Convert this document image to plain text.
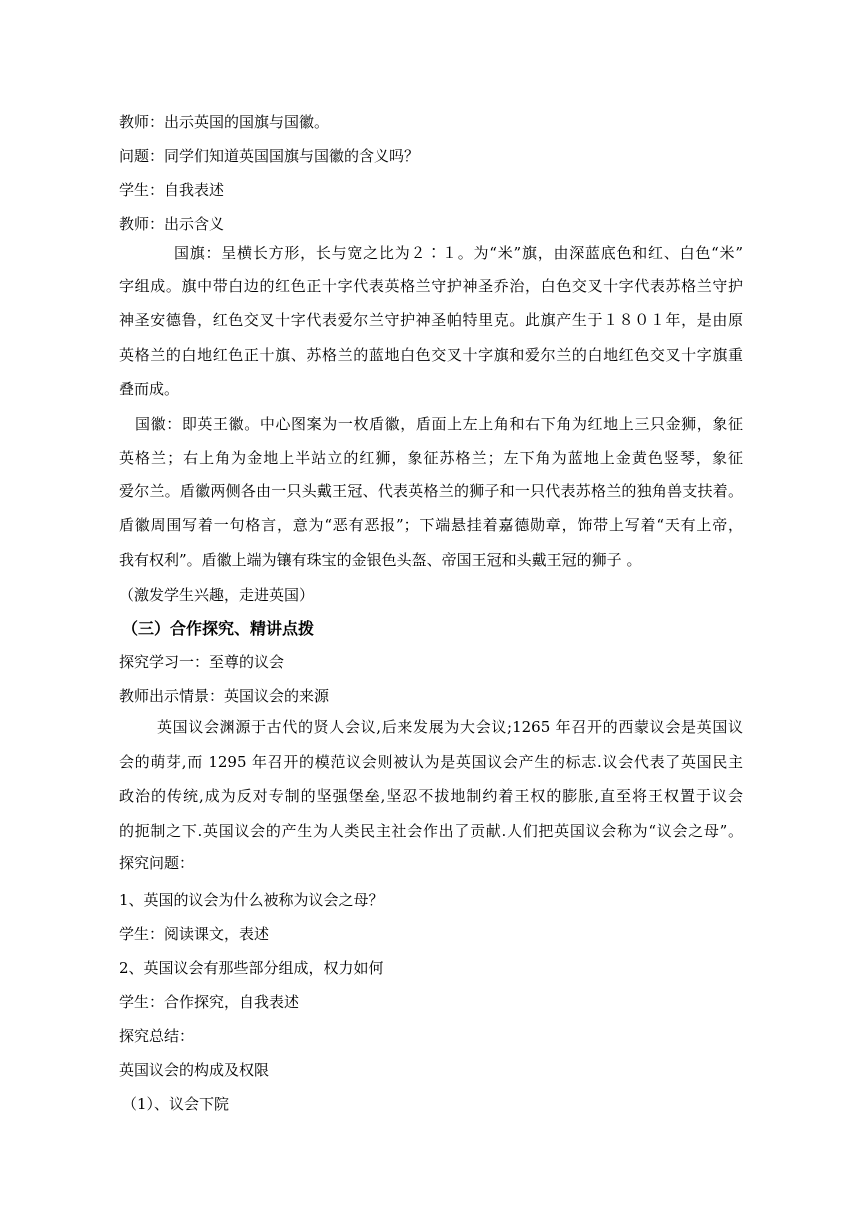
教师：出示英国的国旗与国徽。
问题：同学们知道英国国旗与国徽的含义吗？
学生：自我表述
教师：出示含义
国旗：呈横长方形，长与宽之比为２∶１。为“米”旗，由深蓝底色和红、白色“米”
字组成。旗中带白边的红色正十字代表英格兰守护神圣乔治，白色交叉十字代表苏格兰守护
神圣安德鲁，红色交叉十字代表爱尔兰守护神圣帕特里克。此旗产生于１８０１年，是由原
英格兰的白地红色正十旗、苏格兰的蓝地白色交叉十字旗和爱尔兰的白地红色交叉十字旗重
叠而成。
国徽：即英王徽。中心图案为一枚盾徽，盾面上左上角和右下角为红地上三只金狮，象征
英格兰；右上角为金地上半站立的红狮，象征苏格兰；左下角为蓝地上金黄色竖琴，象征
爱尔兰。盾徽两侧各由一只头戴王冠、代表英格兰的狮子和一只代表苏格兰的独角兽支扶着。
盾徽周围写着一句格言，意为“恶有恶报”；下端悬挂着嘉德勋章，饰带上写着“天有上帝，
我有权利”。盾徽上端为镶有珠宝的金银色头盔、帝国王冠和头戴王冠的狮子 。
（激发学生兴趣，走进英国）
（三）合作探究、精讲点拨
探究学习一：至尊的议会
教师出示情景：英国议会的来源
英国议会渊源于古代的贤人会议,后来发展为大会议;1265 年召开的西蒙议会是英国议
会的萌芽,而 1295 年召开的模范议会则被认为是英国议会产生的标志.议会代表了英国民主
政治的传统,成为反对专制的坚强堡垒,坚忍不拔地制约着王权的膨胀,直至将王权置于议会
的扼制之下.英国议会的产生为人类民主社会作出了贡献.人们把英国议会称为“议会之母”。
探究问题：
1、英国的议会为什么被称为议会之母？
学生：阅读课文，表述
2、英国议会有那些部分组成，权力如何
学生：合作探究，自我表述
探究总结：
英国议会的构成及权限
（1）、议会下院
